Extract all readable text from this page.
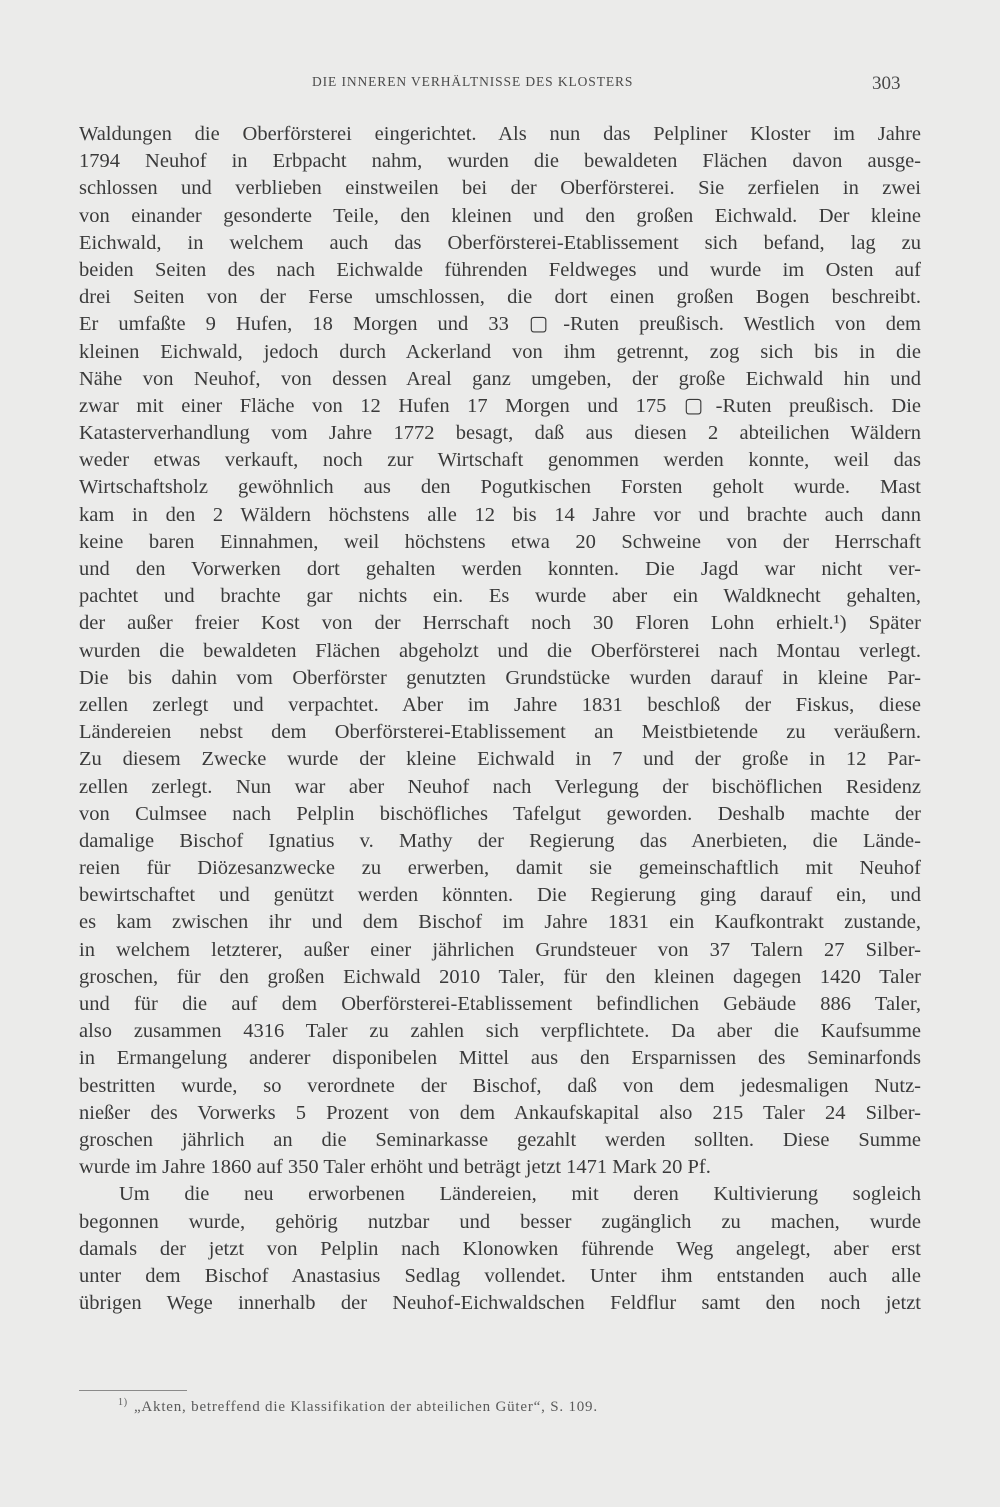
DIE INNEREN VERHÄLTNISSE DES KLOSTERS	303
Waldungen die Oberförsterei eingerichtet. Als nun das Pelpliner Kloster im Jahre
1794 Neuhof in Erbpacht nahm, wurden die bewaldeten Flächen davon ausge-
schlossen und verblieben einstweilen bei der Oberförsterei. Sie zerfielen in zwei
von einander gesonderte Teile, den kleinen und den großen Eichwald. Der kleine
Eichwald, in welchem auch das Oberförsterei-Etablissement sich befand, lag zu
beiden Seiten des nach Eichwalde führenden Feldweges und wurde im Osten auf
drei Seiten von der Ferse umschlossen, die dort einen großen Bogen beschreibt.
Er umfaßte 9 Hufen, 18 Morgen und 33 ▢-Ruten preußisch. Westlich von dem
kleinen Eichwald, jedoch durch Ackerland von ihm getrennt, zog sich bis in die
Nähe von Neuhof, von dessen Areal ganz umgeben, der große Eichwald hin und
zwar mit einer Fläche von 12 Hufen 17 Morgen und 175 ▢-Ruten preußisch. Die
Katasterverhandlung vom Jahre 1772 besagt, daß aus diesen 2 abteilichen Wäldern
weder etwas verkauft, noch zur Wirtschaft genommen werden konnte, weil das
Wirtschaftsholz gewöhnlich aus den Pogutkischen Forsten geholt wurde. Mast
kam in den 2 Wäldern höchstens alle 12 bis 14 Jahre vor und brachte auch dann
keine baren Einnahmen, weil höchstens etwa 20 Schweine von der Herrschaft
und den Vorwerken dort gehalten werden konnten. Die Jagd war nicht ver-
pachtet und brachte gar nichts ein. Es wurde aber ein Waldknecht gehalten,
der außer freier Kost von der Herrschaft noch 30 Floren Lohn erhielt.¹) Später
wurden die bewaldeten Flächen abgeholzt und die Oberförsterei nach Montau verlegt.
Die bis dahin vom Oberförster genutzten Grundstücke wurden darauf in kleine Par-
zellen zerlegt und verpachtet. Aber im Jahre 1831 beschloß der Fiskus, diese
Ländereien nebst dem Oberförsterei-Etablissement an Meistbietende zu veräußern.
Zu diesem Zwecke wurde der kleine Eichwald in 7 und der große in 12 Par-
zellen zerlegt. Nun war aber Neuhof nach Verlegung der bischöflichen Residenz
von Culmsee nach Pelplin bischöfliches Tafelgut geworden. Deshalb machte der
damalige Bischof Ignatius v. Mathy der Regierung das Anerbieten, die Lände-
reien für Diözesanzwecke zu erwerben, damit sie gemeinschaftlich mit Neuhof
bewirtschaftet und genützt werden könnten. Die Regierung ging darauf ein, und
es kam zwischen ihr und dem Bischof im Jahre 1831 ein Kaufkontrakt zustande,
in welchem letzterer, außer einer jährlichen Grundsteuer von 37 Talern 27 Silber-
groschen, für den großen Eichwald 2010 Taler, für den kleinen dagegen 1420 Taler
und für die auf dem Oberförsterei-Etablissement befindlichen Gebäude 886 Taler,
also zusammen 4316 Taler zu zahlen sich verpflichtete. Da aber die Kaufsumme
in Ermangelung anderer disponibelen Mittel aus den Ersparnissen des Seminarfonds
bestritten wurde, so verordnete der Bischof, daß von dem jedesmaligen Nutz-
nießer des Vorwerks 5 Prozent von dem Ankaufskapital also 215 Taler 24 Silber-
groschen jährlich an die Seminarkasse gezahlt werden sollten. Diese Summe
wurde im Jahre 1860 auf 350 Taler erhöht und beträgt jetzt 1471 Mark 20 Pf.
Um die neu erworbenen Ländereien, mit deren Kultivierung sogleich
begonnen wurde, gehörig nutzbar und besser zugänglich zu machen, wurde
damals der jetzt von Pelplin nach Klonowken führende Weg angelegt, aber erst
unter dem Bischof Anastasius Sedlag vollendet. Unter ihm entstanden auch alle
übrigen Wege innerhalb der Neuhof-Eichwaldschen Feldflur samt den noch jetzt
$^{1)}$ „Akten, betreffend die Klassifikation der abteilichen Güter“, S. 109.
